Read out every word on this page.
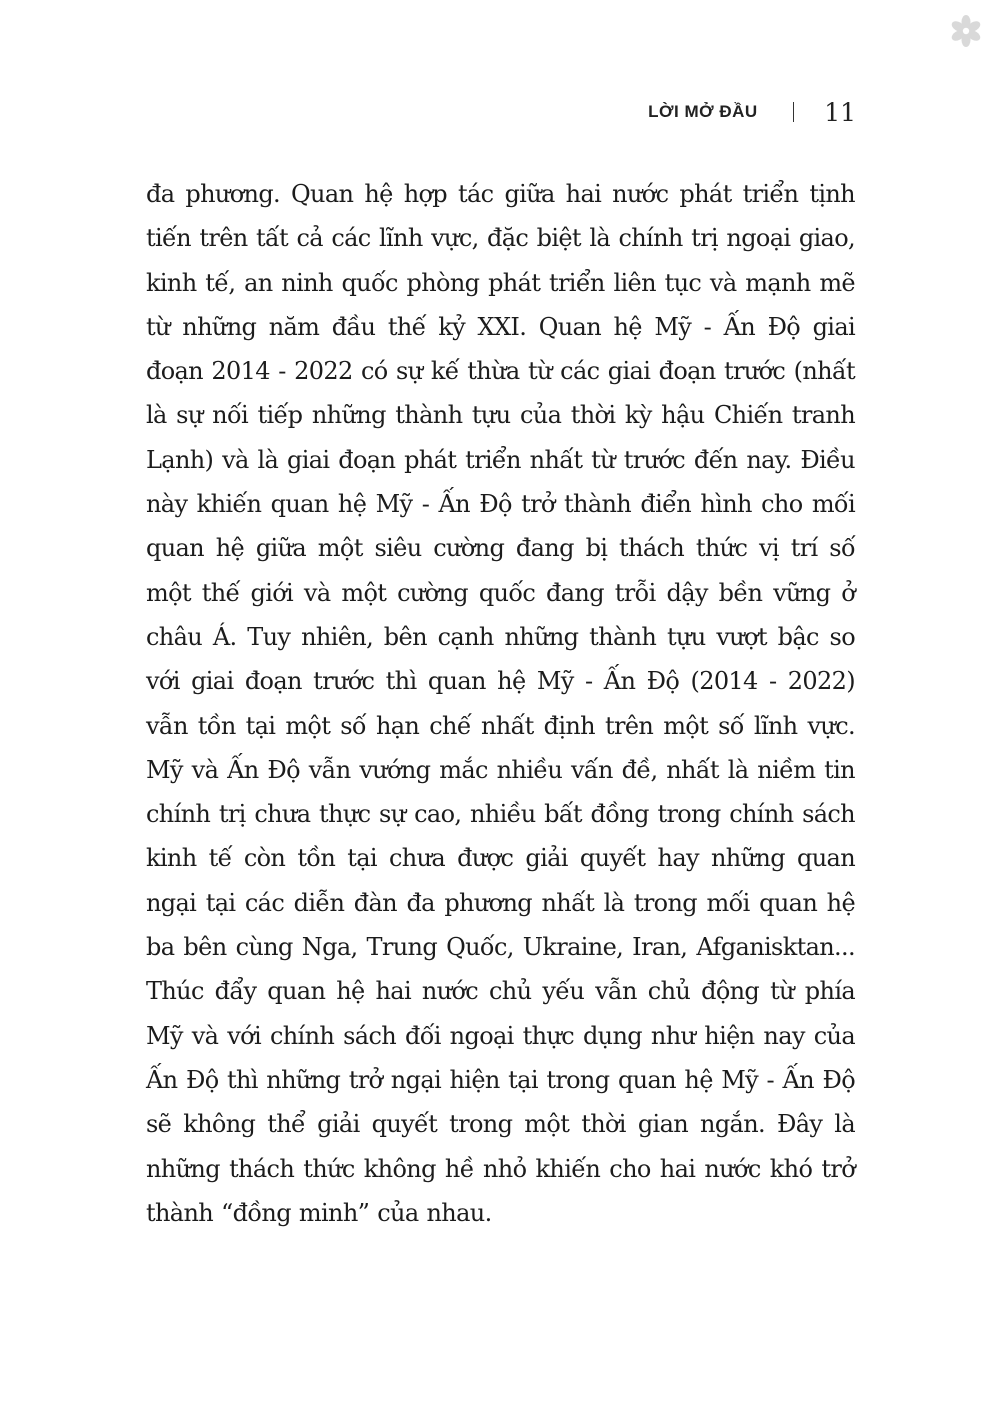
LỜI MỞ ĐẦU	11

đa phương. Quan hệ hợp tác giữa hai nước phát triển tịnh tiến trên tất cả các lĩnh vực, đặc biệt là chính trị ngoại giao, kinh tế, an ninh quốc phòng phát triển liên tục và mạnh mẽ từ những năm đầu thế kỷ XXI. Quan hệ Mỹ - Ấn Độ giai đoạn 2014 - 2022 có sự kế thừa từ các giai đoạn trước (nhất là sự nối tiếp những thành tựu của thời kỳ hậu Chiến tranh Lạnh) và là giai đoạn phát triển nhất từ trước đến nay. Điều này khiến quan hệ Mỹ - Ấn Độ trở thành điển hình cho mối quan hệ giữa một siêu cường đang bị thách thức vị trí số một thế giới và một cường quốc đang trỗi dậy bền vững ở châu Á. Tuy nhiên, bên cạnh những thành tựu vượt bậc so với giai đoạn trước thì quan hệ Mỹ - Ấn Độ (2014 - 2022) vẫn tồn tại một số hạn chế nhất định trên một số lĩnh vực. Mỹ và Ấn Độ vẫn vướng mắc nhiều vấn đề, nhất là niềm tin chính trị chưa thực sự cao, nhiều bất đồng trong chính sách kinh tế còn tồn tại chưa được giải quyết hay những quan ngại tại các diễn đàn đa phương nhất là trong mối quan hệ ba bên cùng Nga, Trung Quốc, Ukraine, Iran, Afganisktan... Thúc đẩy quan hệ hai nước chủ yếu vẫn chủ động từ phía Mỹ và với chính sách đối ngoại thực dụng như hiện nay của Ấn Độ thì những trở ngại hiện tại trong quan hệ Mỹ - Ấn Độ sẽ không thể giải quyết trong một thời gian ngắn. Đây là những thách thức không hề nhỏ khiến cho hai nước khó trở thành “đồng minh” của nhau.
